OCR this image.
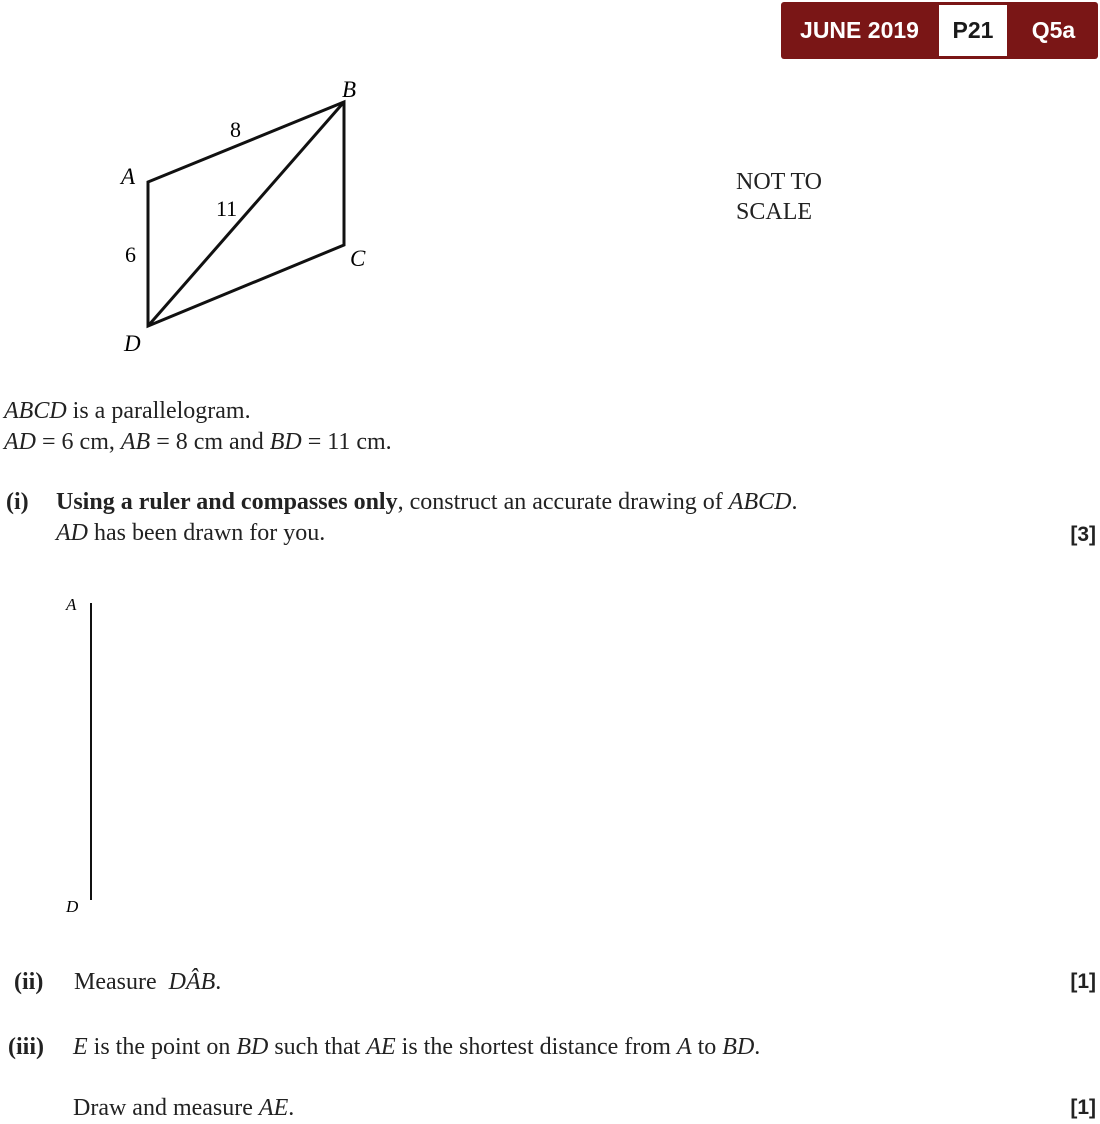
JUNE 2019	P21	Q5a
B
A
C
D
8
11
6
NOT TO
SCALE
ABCD is a parallelogram.
AD = 6 cm, AB = 8 cm and BD = 11 cm.
(i) Using a ruler and compasses only, construct an accurate drawing of ABCD.
AD has been drawn for you.	[3]
A
D
(ii) Measure DÂB.	[1]
(iii) E is the point on BD such that AE is the shortest distance from A to BD.
Draw and measure AE.	[1]
